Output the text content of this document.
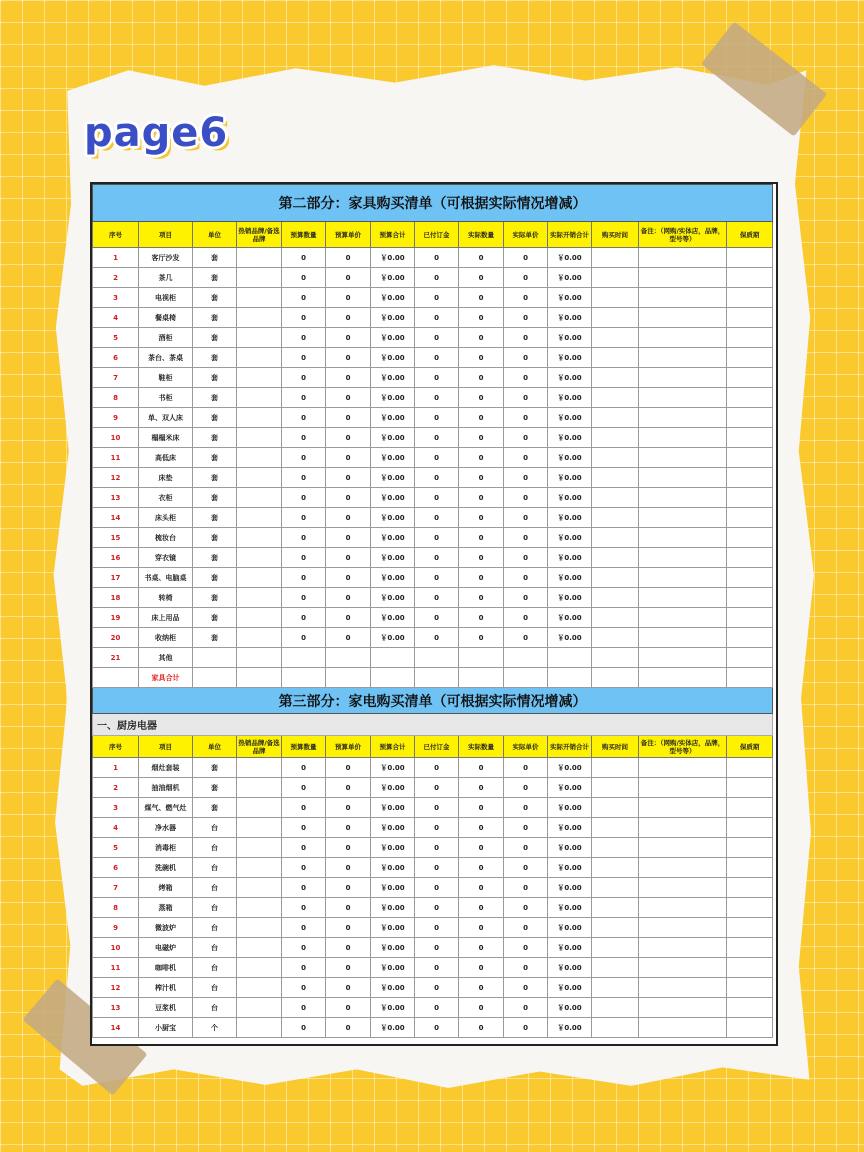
page6
第二部分：家具购买清单（可根据实际情况增减）													
序号	项目	单位	热销品牌/备选品牌	预算数量	预算单价	预算合计	已付订金	实际数量	实际单价	实际开销合计	购买时间	备注：（网购/实体店，品牌，型号等）	保质期
1	客厅沙发	套		0	0	￥0.00	0	0	0	￥0.00			
2	茶几	套		0	0	￥0.00	0	0	0	￥0.00			
3	电视柜	套		0	0	￥0.00	0	0	0	￥0.00			
4	餐桌椅	套		0	0	￥0.00	0	0	0	￥0.00			
5	酒柜	套		0	0	￥0.00	0	0	0	￥0.00			
6	茶台、茶桌	套		0	0	￥0.00	0	0	0	￥0.00			
7	鞋柜	套		0	0	￥0.00	0	0	0	￥0.00			
8	书柜	套		0	0	￥0.00	0	0	0	￥0.00			
9	单、双人床	套		0	0	￥0.00	0	0	0	￥0.00			
10	榻榻米床	套		0	0	￥0.00	0	0	0	￥0.00			
11	高低床	套		0	0	￥0.00	0	0	0	￥0.00			
12	床垫	套		0	0	￥0.00	0	0	0	￥0.00			
13	衣柜	套		0	0	￥0.00	0	0	0	￥0.00			
14	床头柜	套		0	0	￥0.00	0	0	0	￥0.00			
15	梳妆台	套		0	0	￥0.00	0	0	0	￥0.00			
16	穿衣镜	套		0	0	￥0.00	0	0	0	￥0.00			
17	书桌、电脑桌	套		0	0	￥0.00	0	0	0	￥0.00			
18	转椅	套		0	0	￥0.00	0	0	0	￥0.00			
19	床上用品	套		0	0	￥0.00	0	0	0	￥0.00			
20	收纳柜	套		0	0	￥0.00	0	0	0	￥0.00			
21	其他												
	家具合计												
第三部分：家电购买清单（可根据实际情况增减）													
一、厨房电器													
序号	项目	单位	热销品牌/备选品牌	预算数量	预算单价	预算合计	已付订金	实际数量	实际单价	实际开销合计	购买时间	备注：（网购/实体店，品牌，型号等）	保质期
1	烟灶套装	套		0	0	￥0.00	0	0	0	￥0.00			
2	抽油烟机	套		0	0	￥0.00	0	0	0	￥0.00			
3	煤气、燃气灶	套		0	0	￥0.00	0	0	0	￥0.00			
4	净水器	台		0	0	￥0.00	0	0	0	￥0.00			
5	消毒柜	台		0	0	￥0.00	0	0	0	￥0.00			
6	洗碗机	台		0	0	￥0.00	0	0	0	￥0.00			
7	烤箱	台		0	0	￥0.00	0	0	0	￥0.00			
8	蒸箱	台		0	0	￥0.00	0	0	0	￥0.00			
9	微波炉	台		0	0	￥0.00	0	0	0	￥0.00			
10	电磁炉	台		0	0	￥0.00	0	0	0	￥0.00			
11	咖啡机	台		0	0	￥0.00	0	0	0	￥0.00			
12	榨汁机	台		0	0	￥0.00	0	0	0	￥0.00			
13	豆浆机	台		0	0	￥0.00	0	0	0	￥0.00			
14	小厨宝	个		0	0	￥0.00	0	0	0	￥0.00			
